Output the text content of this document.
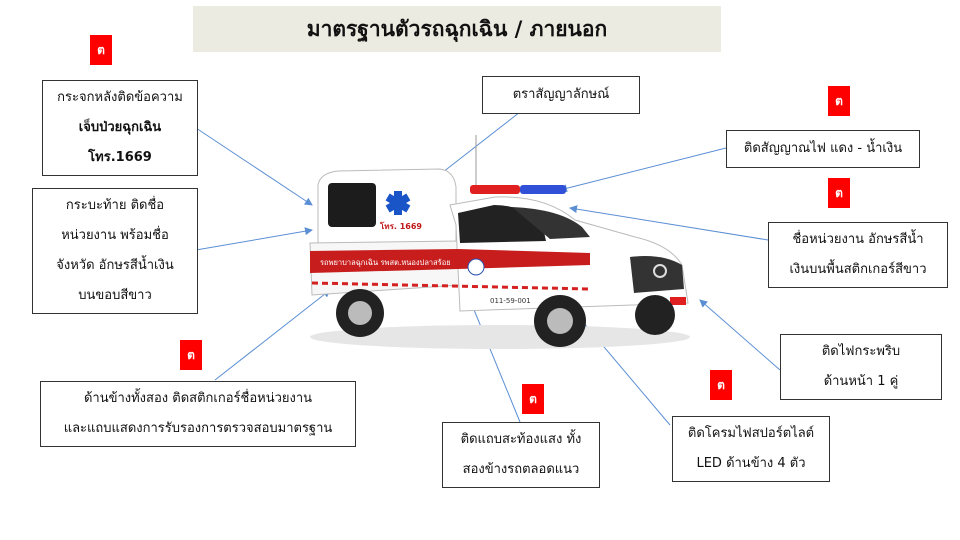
มาตรฐานตัวรถฉุกเฉิน / ภายนอก
โทร. 1669
รถพยาบาลฉุกเฉิน รพสต.หนองปลาสร้อย
011-59-001
กระจกหลังติดข้อความ
เจ็บป่วยฉุกเฉิน
โทร.1669
ต
กระบะท้าย ติดชื่อ
หน่วยงาน พร้อมชื่อ
จังหวัด อักษรสีน้ำเงิน
บนขอบสีขาว
ต
ด้านข้างทั้งสอง ติดสติกเกอร์ชื่อหน่วยงาน
และแถบแสดงการรับรองการตรวจสอบมาตรฐาน
ตราสัญญาลักษณ์	ต
ติดสัญญาณไฟ แดง - น้ำเงิน
ต
ชื่อหน่วยงาน อักษรสีน้ำ
เงินบนพื้นสติกเกอร์สีขาว
ติดไฟกระพริบ
ด้านหน้า 1 คู่
ต
ติดแถบสะท้องแสง ทั้ง
สองข้างรถตลอดแนว
ต
ติดโครมไฟสปอร์ตไลต์
LED ด้านข้าง 4 ตัว
